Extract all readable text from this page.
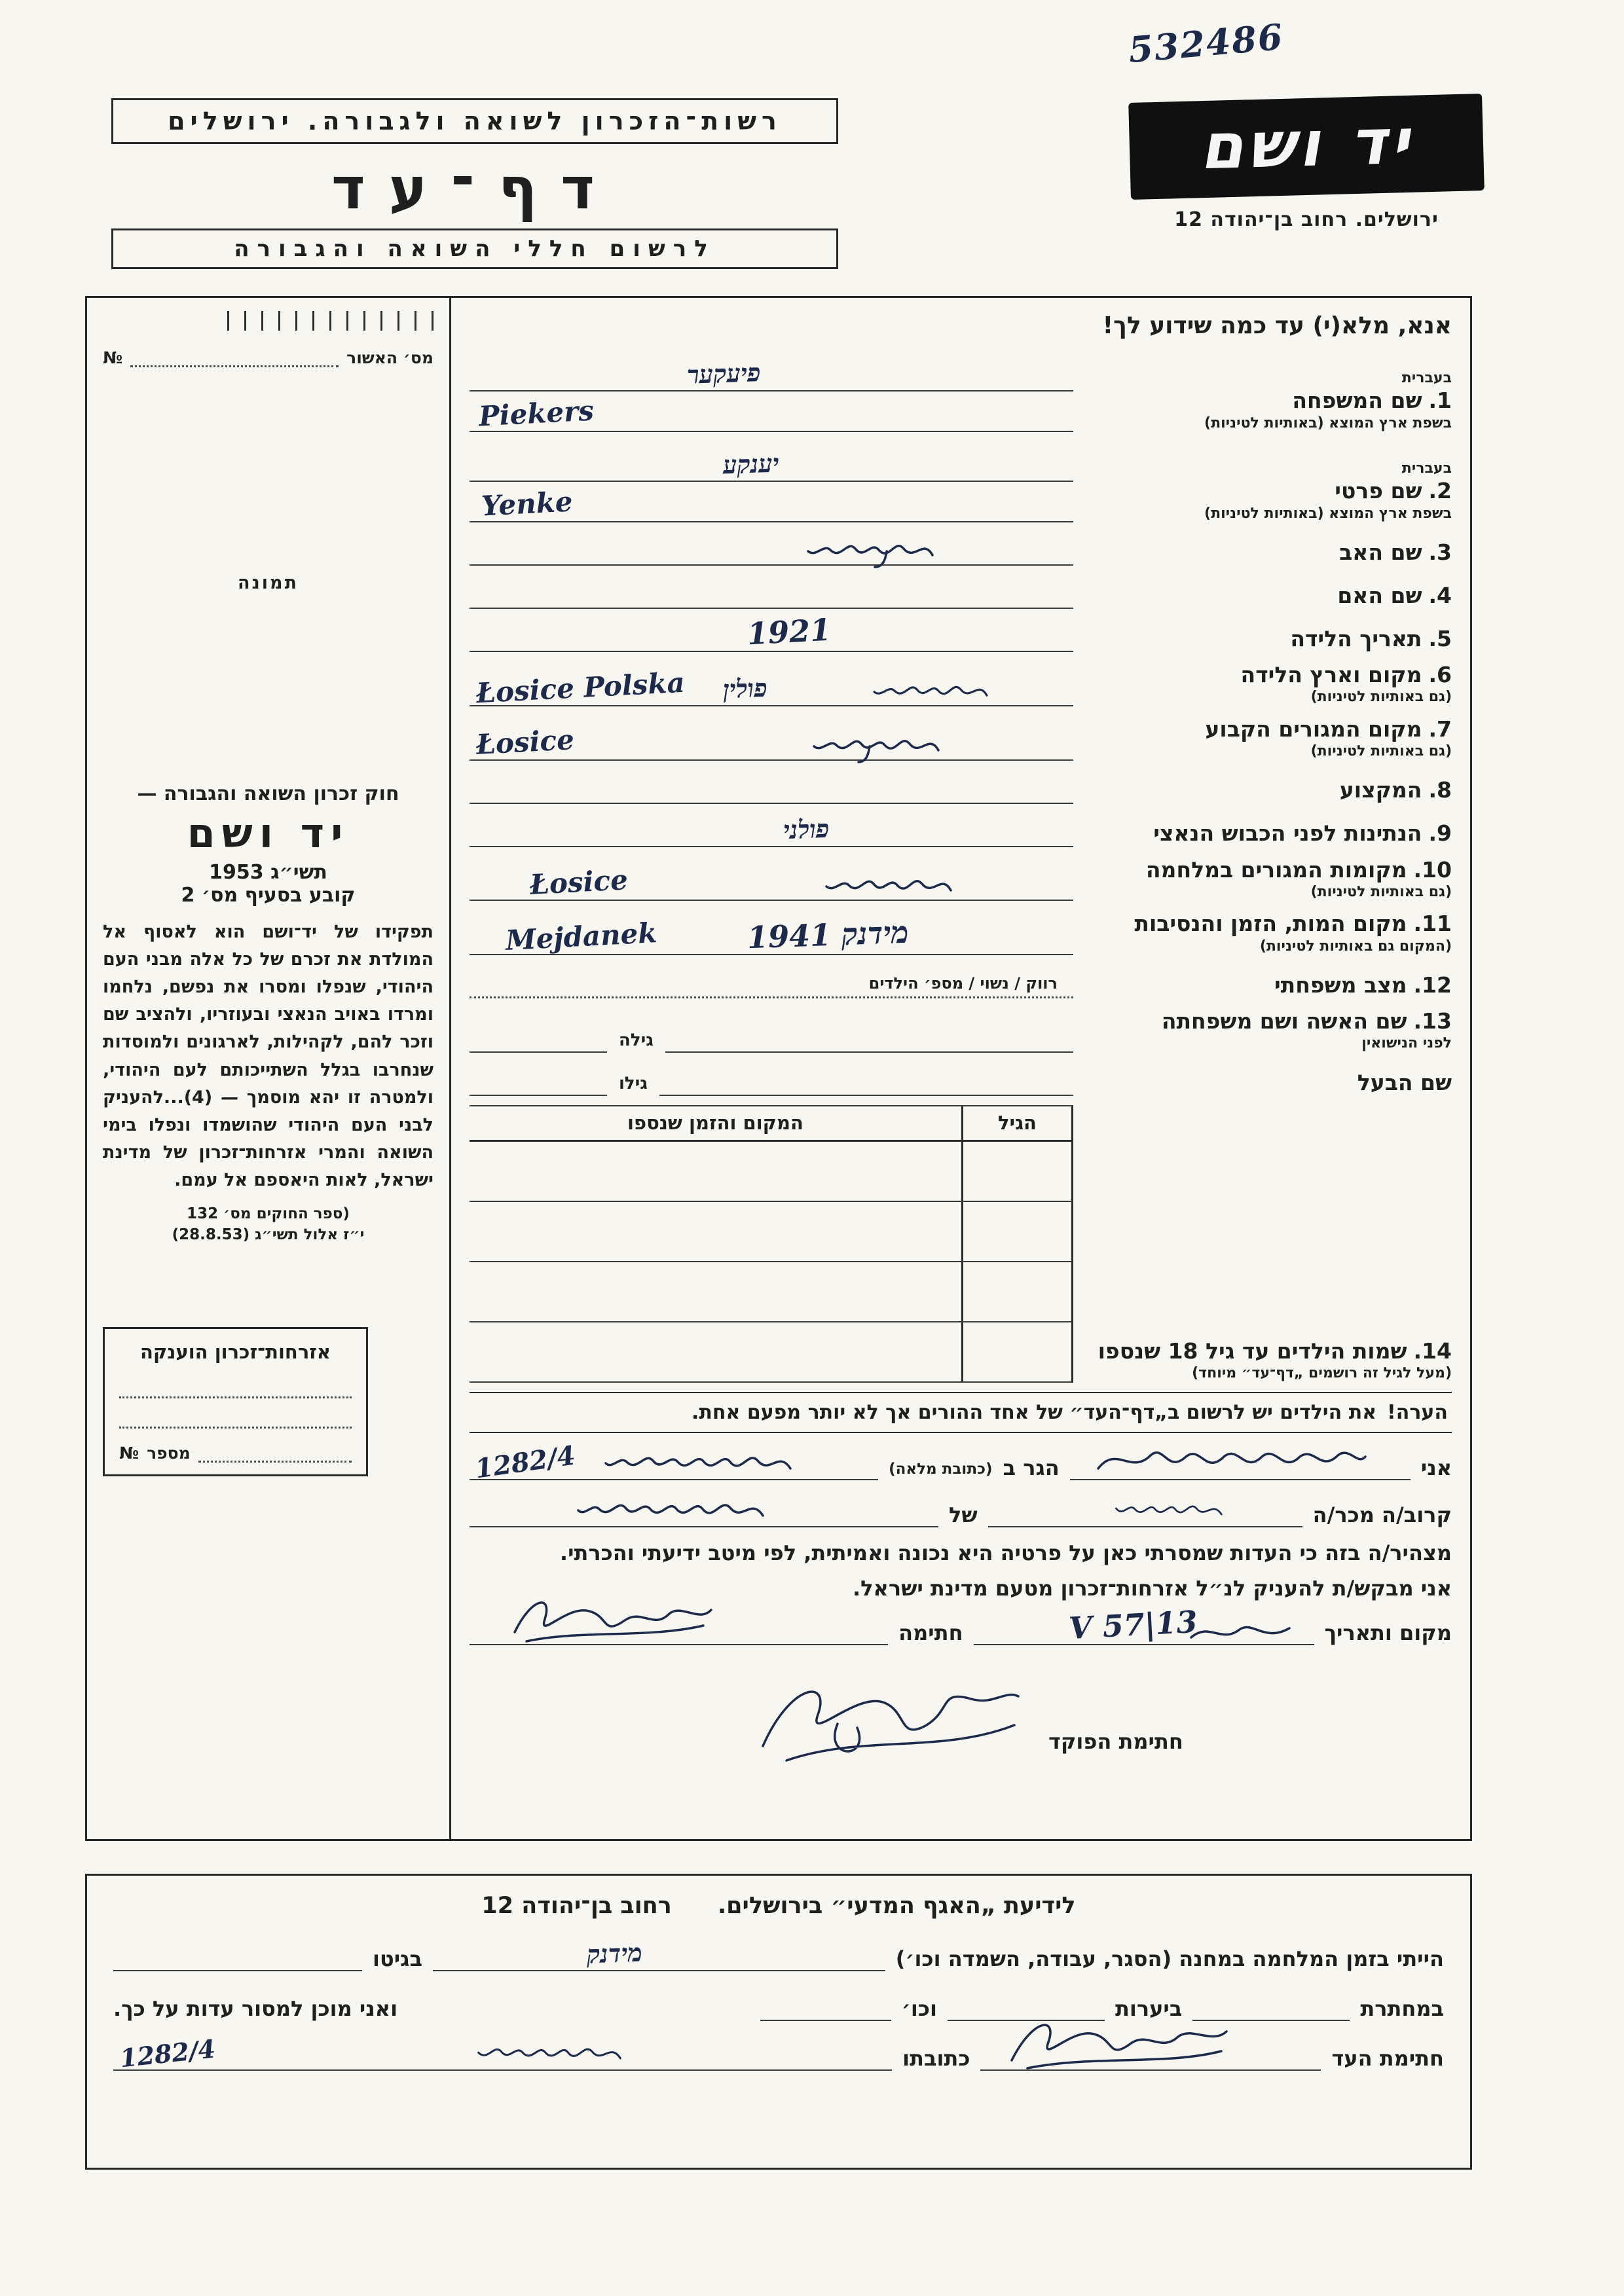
532486
יד ושם
ירושלים. רחוב בן־יהודה 12
רשות־הזכרון לשואה ולגבורה. ירושלים
דף־עד
לרשום חללי השואה והגבורה
אנא, מלא(י) עד כמה שידוע לך!
בעברית
1.שם המשפחה
בשפת ארץ המוצא (באותיות לטיניות)
פיעקער
Piekers
בעברית
2.שם פרטי
בשפת ארץ המוצא (באותיות לטיניות)
יענקע
Yenke
3.שם האב
4.שם האם
5.תאריך הלידה
1921
6.מקום וארץ הלידה
(גם באותיות לטיניות)
Łosice Polska פולין
7.מקום המגורים הקבוע
(גם באותיות לטיניות)
Łosice
8.המקצוע
9.הנתינות לפני הכבוש הנאצי
פולני
10.מקומות המגורים במלחמה
(גם באותיות לטיניות)
Łosice
11.מקום המות, הזמן והנסיבות
(המקום גם באותיות לטיניות)
Mejdanek	מידנק 1941
12.מצב משפחתי
רווק / נשוי / מספ׳ הילדים
13.שם האשה ושם משפחתה
לפני הנישואין
גילה
שם הבעל
גילו
14.שמות הילדים עד גיל 18 שנספו
(מעל לגיל זה רושמים „דף־עד״ מיוחד)
הגיל
המקום והזמן שנספו
הערה!
את הילדים יש לרשום ב„דף־העד״ של אחד ההורים אך לא יותר מפעם אחת.
אני
הגר ב
(כתובת מלאה)
1282/4
קרוב/ה מכר/ה
של
מצהיר/ה בזה כי העדות שמסרתי כאן על פרטיה היא נכונה ואמיתית, לפי מיטב ידיעתי והכרתי.
אני מבקש/ת להעניק לנ״ל אזרחות־זכרון מטעם מדינת ישראל.
מקום ותאריך
13|V 57
חתימה
חתימת הפוקד
מס׳ האשור
№
תמונה
חוק זכרון השואה והגבורה —
יד ושם
תשי״ג 1953
קובע בסעיף מס׳ 2
תפקידו של יד־ושם הוא לאסוף אל המולדת את זכרם של כל אלה מבני העם היהודי, שנפלו ומסרו את נפשם, נלחמו ומרדו באויב הנאצי ובעוזריו, ולהציב שם וזכר להם, לקהילות, לארגונים ולמוסדות שנחרבו בגלל השתייכותם לעם היהודי, ולמטרה זו יהא מוסמך — (4)...להעניק לבני העם היהודי שהושמדו ונפלו בימי השואה והמרי אזרחות־זכרון של מדינת ישראל, לאות היאספם אל עמם.
(ספר החוקים מס׳ 132
י״ז אלול תשי״ג (28.8.53)
אזרחות־זכרון הוענקה
מספר
№
לידיעת „האגף המדעי״ בירושלים.
רחוב בן־יהודה 12
הייתי בזמן המלחמה במחנה (הסגר, עבודה, השמדה וכו׳)
מידנק
בגיטו
במחתרת
ביערות
וכו׳
ואני מוכן למסור עדות על כך.
חתימת העד
כתובתו
1282/4
